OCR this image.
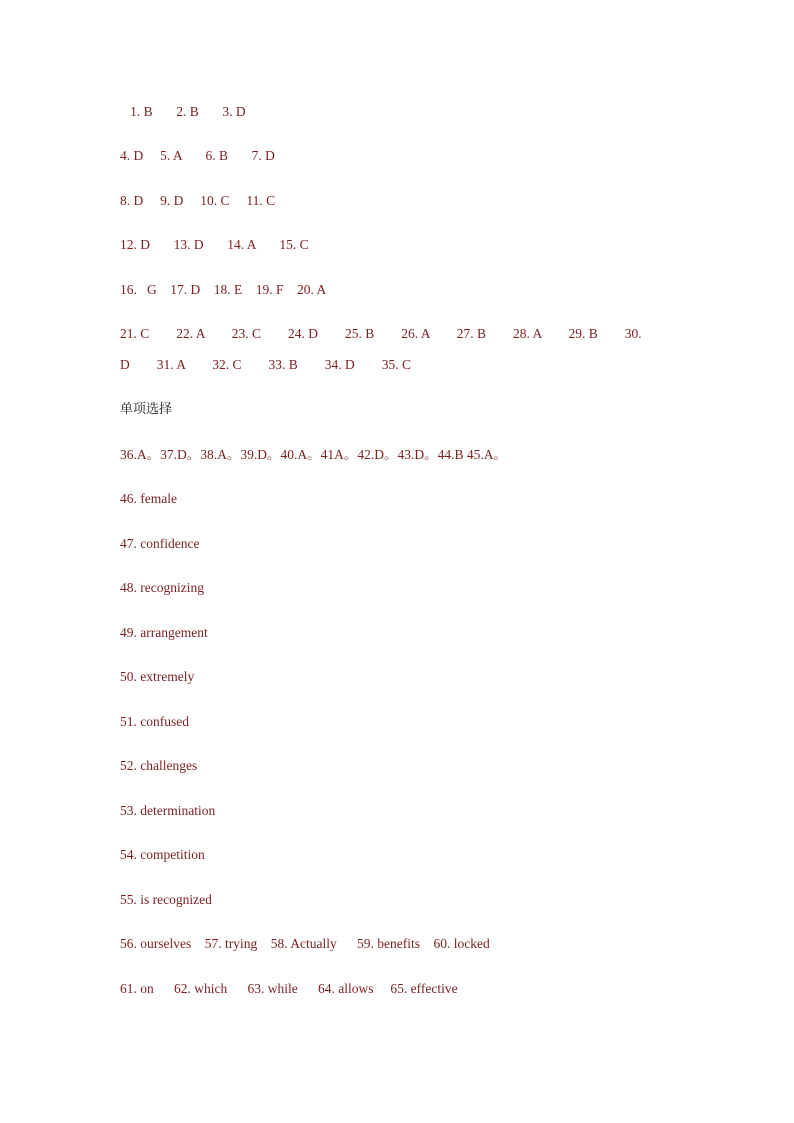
1. B       2. B       3. D
4. D     5. A       6. B       7. D
8. D     9. D     10. C     11. C
12. D       13. D       14. A       15. C
16.   G    17. D    18. E    19. F    20. A
21. C        22. A        23. C        24. D        25. B        26. A        27. B        28. A        29. B        30.
D        31. A        32. C        33. B        34. D        35. C
单项选择
36.A。37.D。38.A。39.D。40.A。41A。42.D。43.D。44.B 45.A。
46. female
47. confidence
48. recognizing
49. arrangement
50. extremely
51. confused
52. challenges
53. determination
54. competition
55. is recognized
56. ourselves    57. trying    58. Actually      59. benefits    60. locked
61. on      62. which      63. while      64. allows     65. effective
